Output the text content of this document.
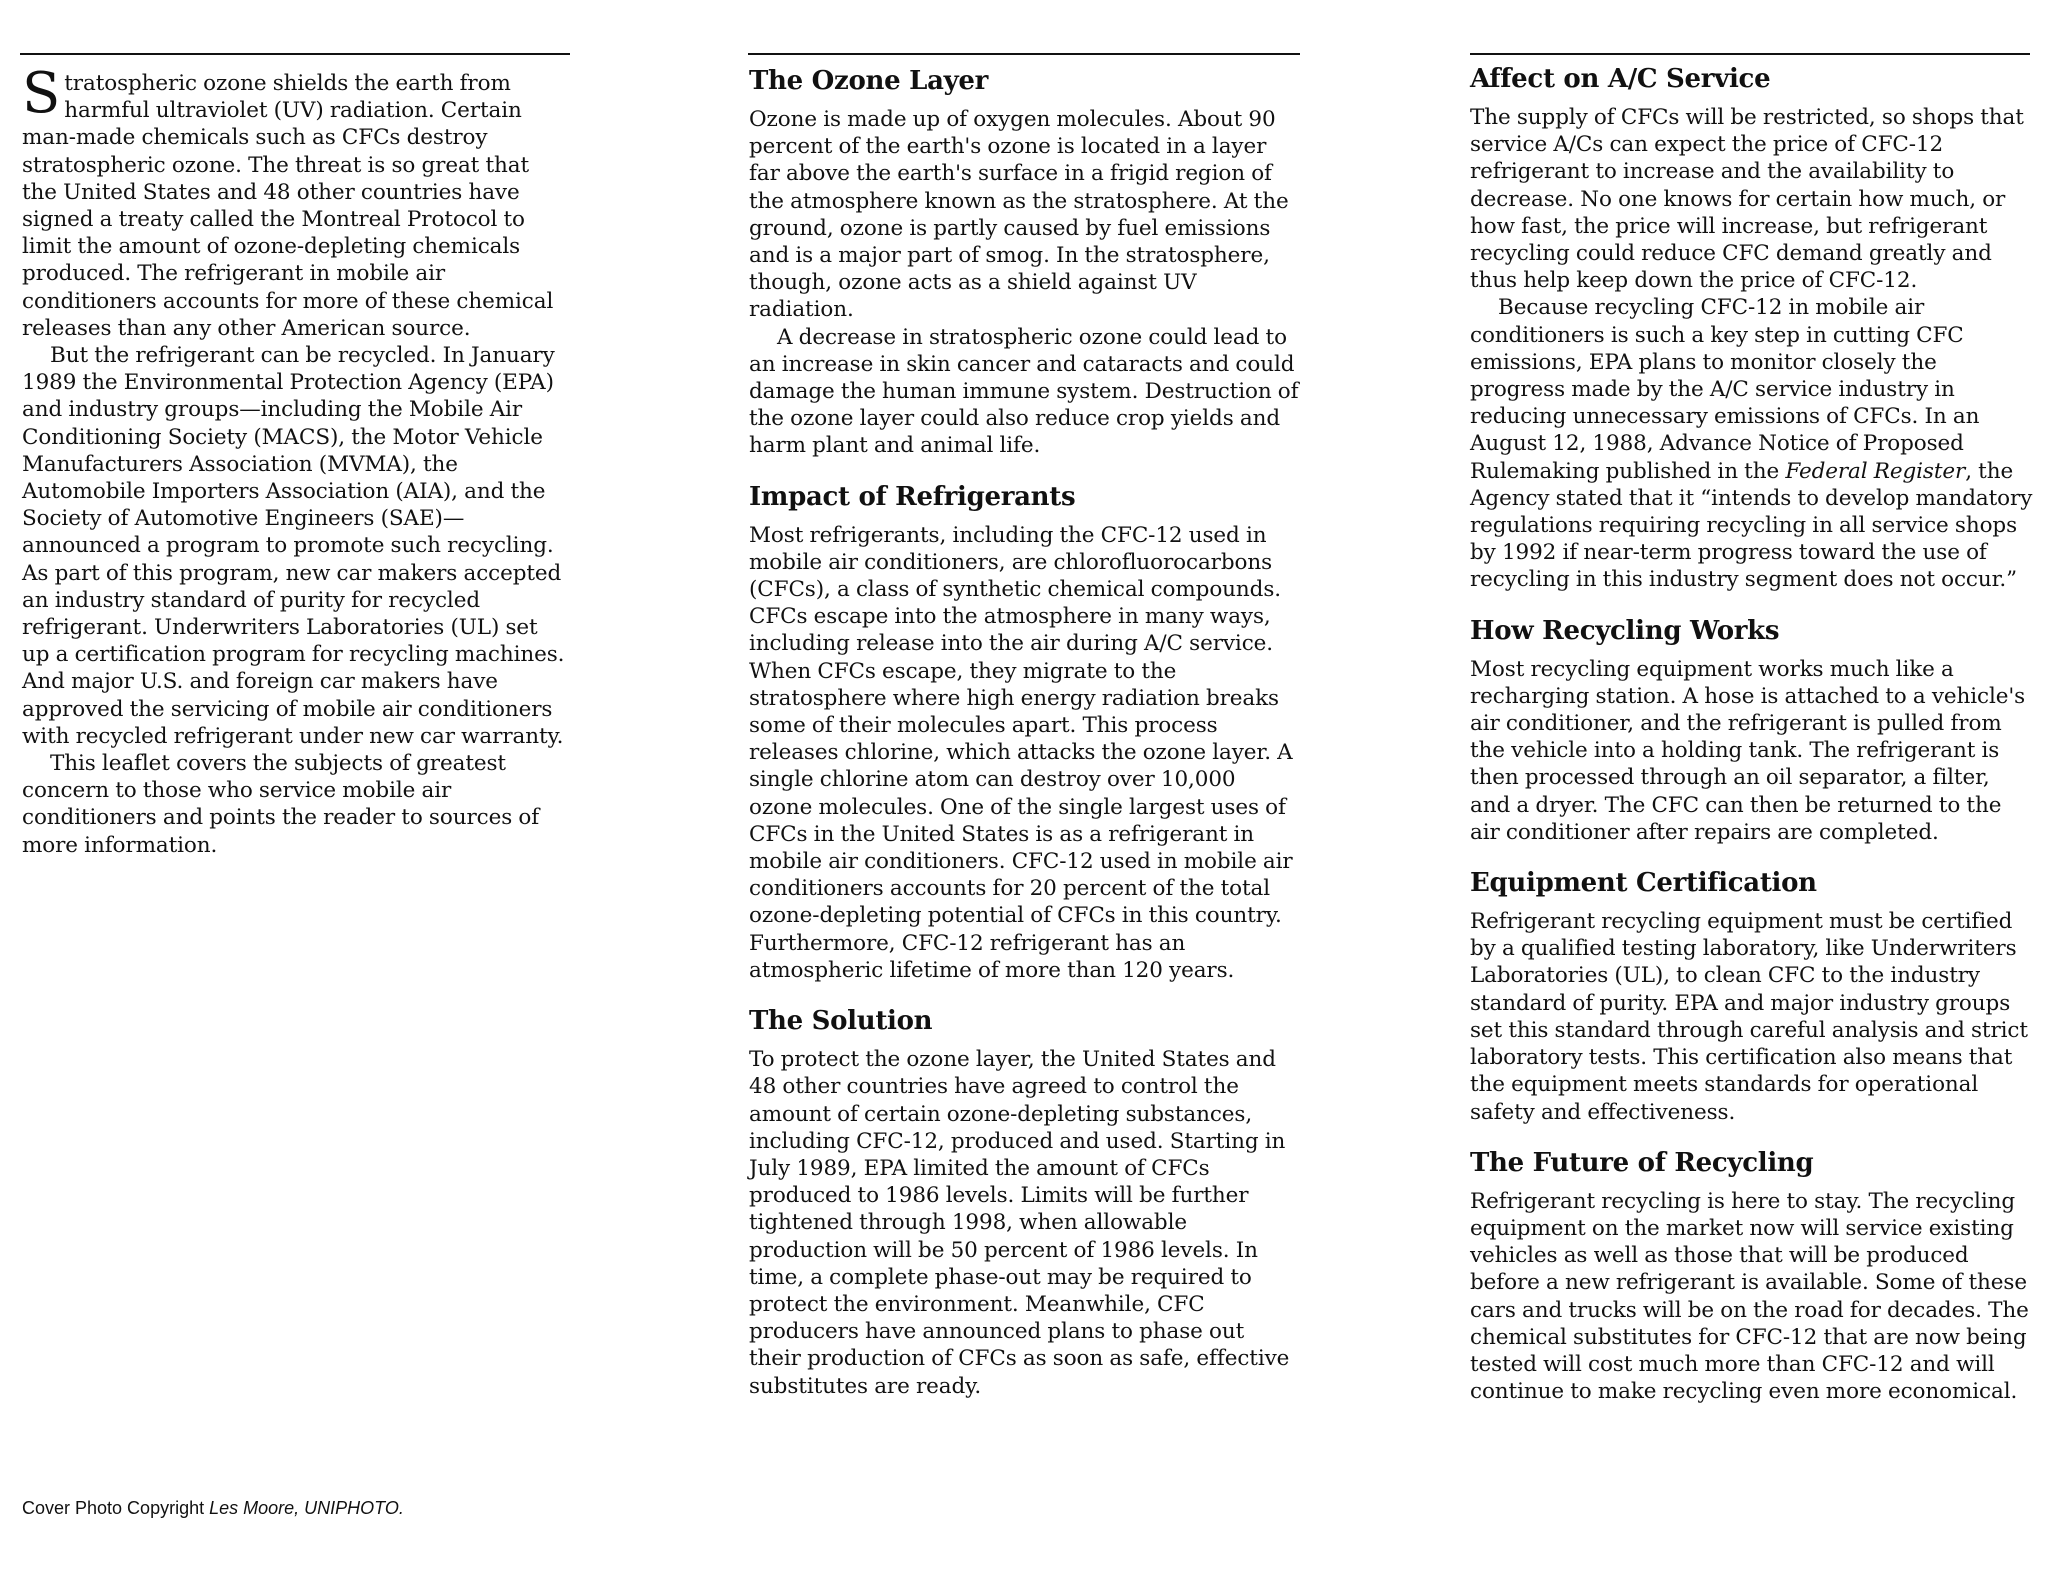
Stratospheric ozone shields the earth from harmful ultraviolet (UV) radiation. Certain man-made chemicals such as CFCs destroy stratospheric ozone. The threat is so great that the United States and 48 other countries have signed a treaty called the Montreal Protocol to limit the amount of ozone-depleting chemicals produced. The refrigerant in mobile air conditioners accounts for more of these chemical releases than any other American source.

But the refrigerant can be recycled. In January 1989 the Environmental Protection Agency (EPA) and industry groups—including the Mobile Air Conditioning Society (MACS), the Motor Vehicle Manufacturers Association (MVMA), the Automobile Importers Association (AIA), and the Society of Automotive Engineers (SAE)—announced a program to promote such recycling. As part of this program, new car makers accepted an industry standard of purity for recycled refrigerant. Underwriters Laboratories (UL) set up a certification program for recycling machines. And major U.S. and foreign car makers have approved the servicing of mobile air conditioners with recycled refrigerant under new car warranty.

This leaflet covers the subjects of greatest concern to those who service mobile air conditioners and points the reader to sources of more information.

Cover Photo Copyright Les Moore, UNIPHOTO.
The Ozone Layer

Ozone is made up of oxygen molecules. About 90 percent of the earth's ozone is located in a layer far above the earth's surface in a frigid region of the atmosphere known as the stratosphere. At the ground, ozone is partly caused by fuel emissions and is a major part of smog. In the stratosphere, though, ozone acts as a shield against UV radiation.

A decrease in stratospheric ozone could lead to an increase in skin cancer and cataracts and could damage the human immune system. Destruction of the ozone layer could also reduce crop yields and harm plant and animal life.

Impact of Refrigerants

Most refrigerants, including the CFC-12 used in mobile air conditioners, are chlorofluorocarbons (CFCs), a class of synthetic chemical compounds. CFCs escape into the atmosphere in many ways, including release into the air during A/C service. When CFCs escape, they migrate to the stratosphere where high energy radiation breaks some of their molecules apart. This process releases chlorine, which attacks the ozone layer. A single chlorine atom can destroy over 10,000 ozone molecules. One of the single largest uses of CFCs in the United States is as a refrigerant in mobile air conditioners. CFC-12 used in mobile air conditioners accounts for 20 percent of the total ozone-depleting potential of CFCs in this country. Furthermore, CFC-12 refrigerant has an atmospheric lifetime of more than 120 years.

The Solution

To protect the ozone layer, the United States and 48 other countries have agreed to control the amount of certain ozone-depleting substances, including CFC-12, produced and used. Starting in July 1989, EPA limited the amount of CFCs produced to 1986 levels. Limits will be further tightened through 1998, when allowable production will be 50 percent of 1986 levels. In time, a complete phase-out may be required to protect the environment. Meanwhile, CFC producers have announced plans to phase out their production of CFCs as soon as safe, effective substitutes are ready.

Affect on A/C Service

The supply of CFCs will be restricted, so shops that service A/Cs can expect the price of CFC-12 refrigerant to increase and the availability to decrease. No one knows for certain how much, or how fast, the price will increase, but refrigerant recycling could reduce CFC demand greatly and thus help keep down the price of CFC-12.

Because recycling CFC-12 in mobile air conditioners is such a key step in cutting CFC emissions, EPA plans to monitor closely the progress made by the A/C service industry in reducing unnecessary emissions of CFCs. In an August 12, 1988, Advance Notice of Proposed Rulemaking published in the Federal Register, the Agency stated that it “intends to develop mandatory regulations requiring recycling in all service shops by 1992 if near-term progress toward the use of recycling in this industry segment does not occur.”

How Recycling Works

Most recycling equipment works much like a recharging station. A hose is attached to a vehicle's air conditioner, and the refrigerant is pulled from the vehicle into a holding tank. The refrigerant is then processed through an oil separator, a filter, and a dryer. The CFC can then be returned to the air conditioner after repairs are completed.

Equipment Certification

Refrigerant recycling equipment must be certified by a qualified testing laboratory, like Underwriters Laboratories (UL), to clean CFC to the industry standard of purity. EPA and major industry groups set this standard through careful analysis and strict laboratory tests. This certification also means that the equipment meets standards for operational safety and effectiveness.

The Future of Recycling

Refrigerant recycling is here to stay. The recycling equipment on the market now will service existing vehicles as well as those that will be produced before a new refrigerant is available. Some of these cars and trucks will be on the road for decades. The chemical substitutes for CFC-12 that are now being tested will cost much more than CFC-12 and will continue to make recycling even more economical.
